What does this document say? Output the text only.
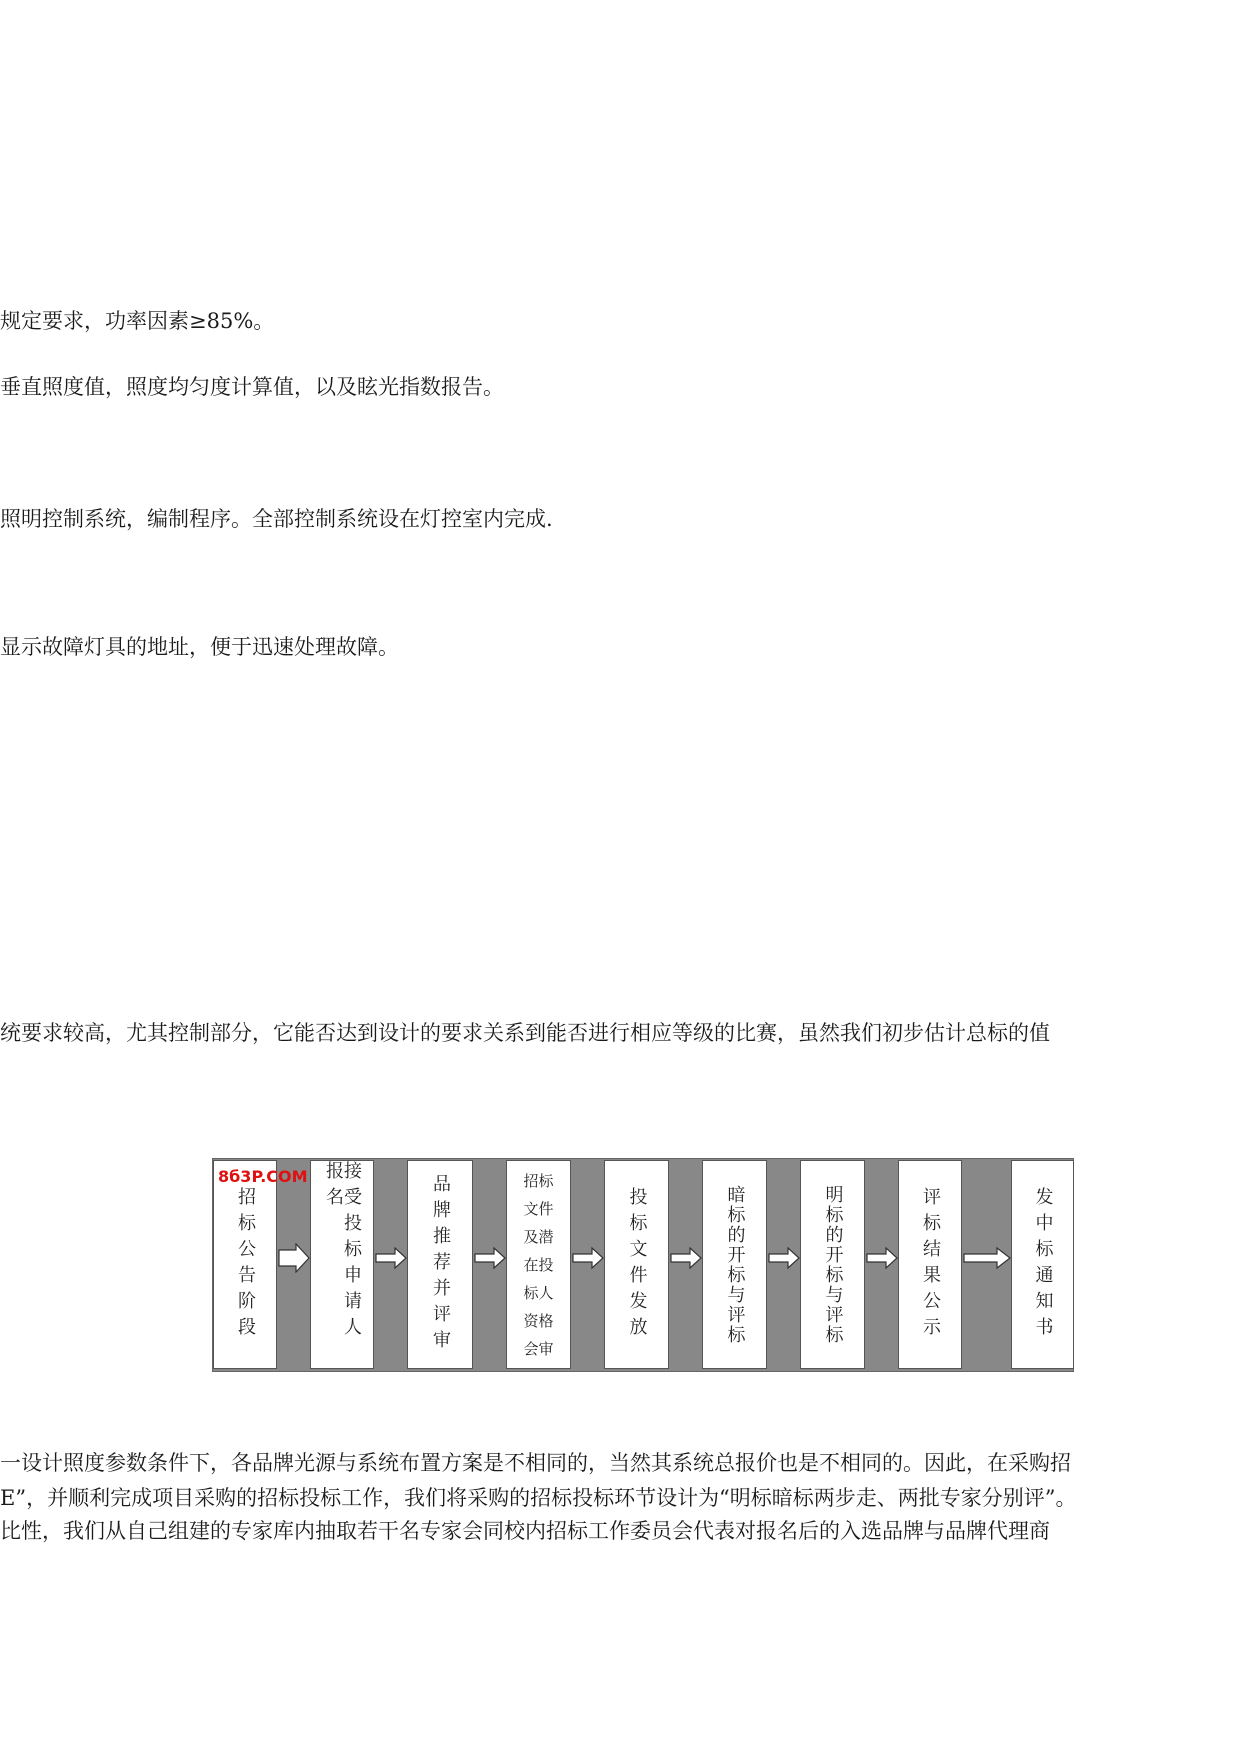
规定要求，功率因素≥85%。
垂直照度值，照度均匀度计算值，以及眩光指数报告。
照明控制系统，编制程序。全部控制系统设在灯控室内完成.
显示故障灯具的地址，便于迅速处理故障。
统要求较高，尤其控制部分，它能否达到设计的要求关系到能否进行相应等级的比赛，虽然我们初步估计总标的值
招标公告阶段	接受投标申请人报名	品牌推荐并评审	招标
文件
及潜
在投
标人
资格
会审
投标文件发放	暗标的开标与评标	明标的开标与评标	评标结果公示	发中标通知书
8б3P.COM
一设计照度参数条件下，各品牌光源与系统布置方案是不相同的，当然其系统总报价也是不相同的。因此，在采购招
E”，并顺利完成项目采购的招标投标工作，我们将采购的招标投标环节设计为“明标暗标两步走、两批专家分别评”。
比性，我们从自己组建的专家库内抽取若干名专家会同校内招标工作委员会代表对报名后的入选品牌与品牌代理商
